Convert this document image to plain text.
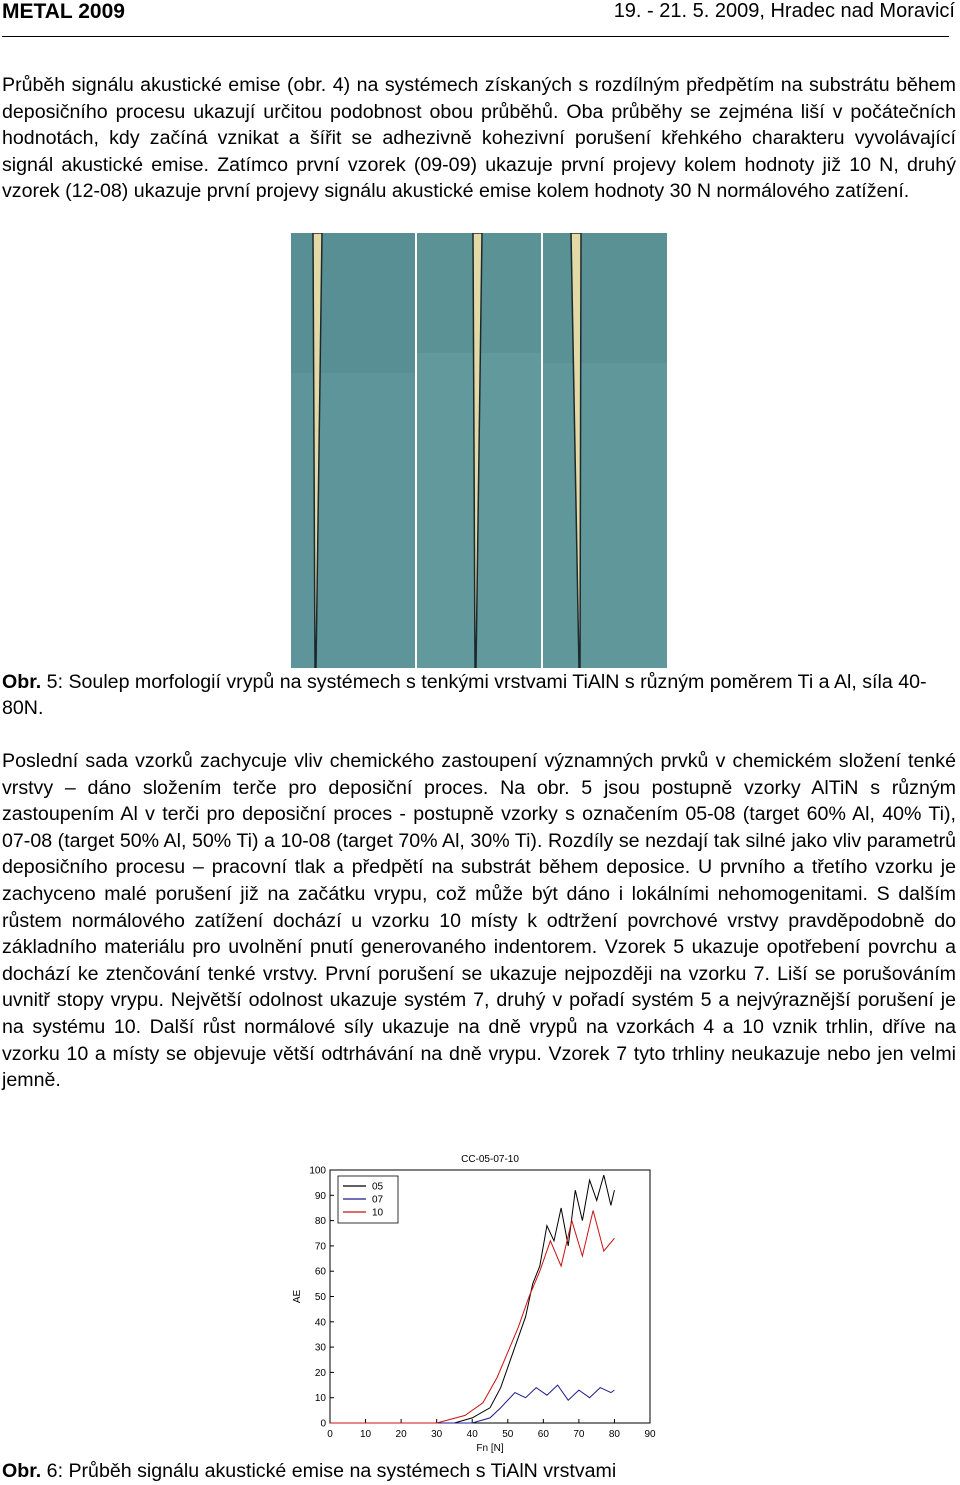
METAL 2009	19. - 21. 5. 2009, Hradec nad Moravicí

Průběh signálu akustické emise (obr. 4) na systémech získaných s rozdílným předpětím na substrátu během deposičního procesu ukazují určitou podobnost obou průběhů. Oba průběhy se zejména liší v počátečních hodnotách, kdy začíná vznikat a šířit se adhezivně kohezivní porušení křehkého charakteru vyvolávající signál akustické emise. Zatímco první vzorek (09-09) ukazuje první projevy kolem hodnoty již 10 N, druhý vzorek (12-08) ukazuje první projevy signálu akustické emise kolem hodnoty 30 N normálového zatížení.

Obr. 5: Soulep morfologií vrypů na systémech s tenkými vrstvami TiAlN s různým poměrem Ti a Al, síla 40-80N.

Poslední sada vzorků zachycuje vliv chemického zastoupení významných prvků v chemickém složení tenké vrstvy – dáno složením terče pro deposiční proces. Na obr. 5 jsou postupně vzorky AlTiN s různým zastoupením Al v terči pro deposiční proces - postupně vzorky s označením 05-08 (target 60% Al, 40% Ti), 07-08 (target 50% Al, 50% Ti) a 10-08 (target 70% Al, 30% Ti). Rozdíly se nezdají tak silné jako vliv parametrů deposičního procesu – pracovní tlak a předpětí na substrát během deposice. U prvního a třetího vzorku je zachyceno malé porušení již na začátku vrypu, což může být dáno i lokálními nehomogenitami. S dalším růstem normálového zatížení dochází u vzorku 10 místy k odtržení povrchové vrstvy pravděpodobně do základního materiálu pro uvolnění pnutí generovaného indentorem. Vzorek 5 ukazuje opotřebení povrchu a dochází ke ztenčování tenké vrstvy. První porušení se ukazuje nejpozději na vzorku 7. Liší se porušováním uvnitř stopy vrypu. Největší odolnost ukazuje systém 7, druhý v pořadí systém 5 a nejvýraznější porušení je na systému 10. Další růst normálové síly ukazuje na dně vrypů na vzorkách 4 a 10 vznik trhlin, dříve na vzorku 10 a místy se objevuje větší odtrhávání na dně vrypu. Vzorek 7 tyto trhliny neukazuje nebo jen velmi jemně.

CC-05-07-10
0	10 20 30 40 50 60 70 80 90
0
10
20
30
40
50
60
70
80
90
100
Fn [N]
AE
05
07
10

Obr. 6: Průběh signálu akustické emise na systémech s TiAlN vrstvami
